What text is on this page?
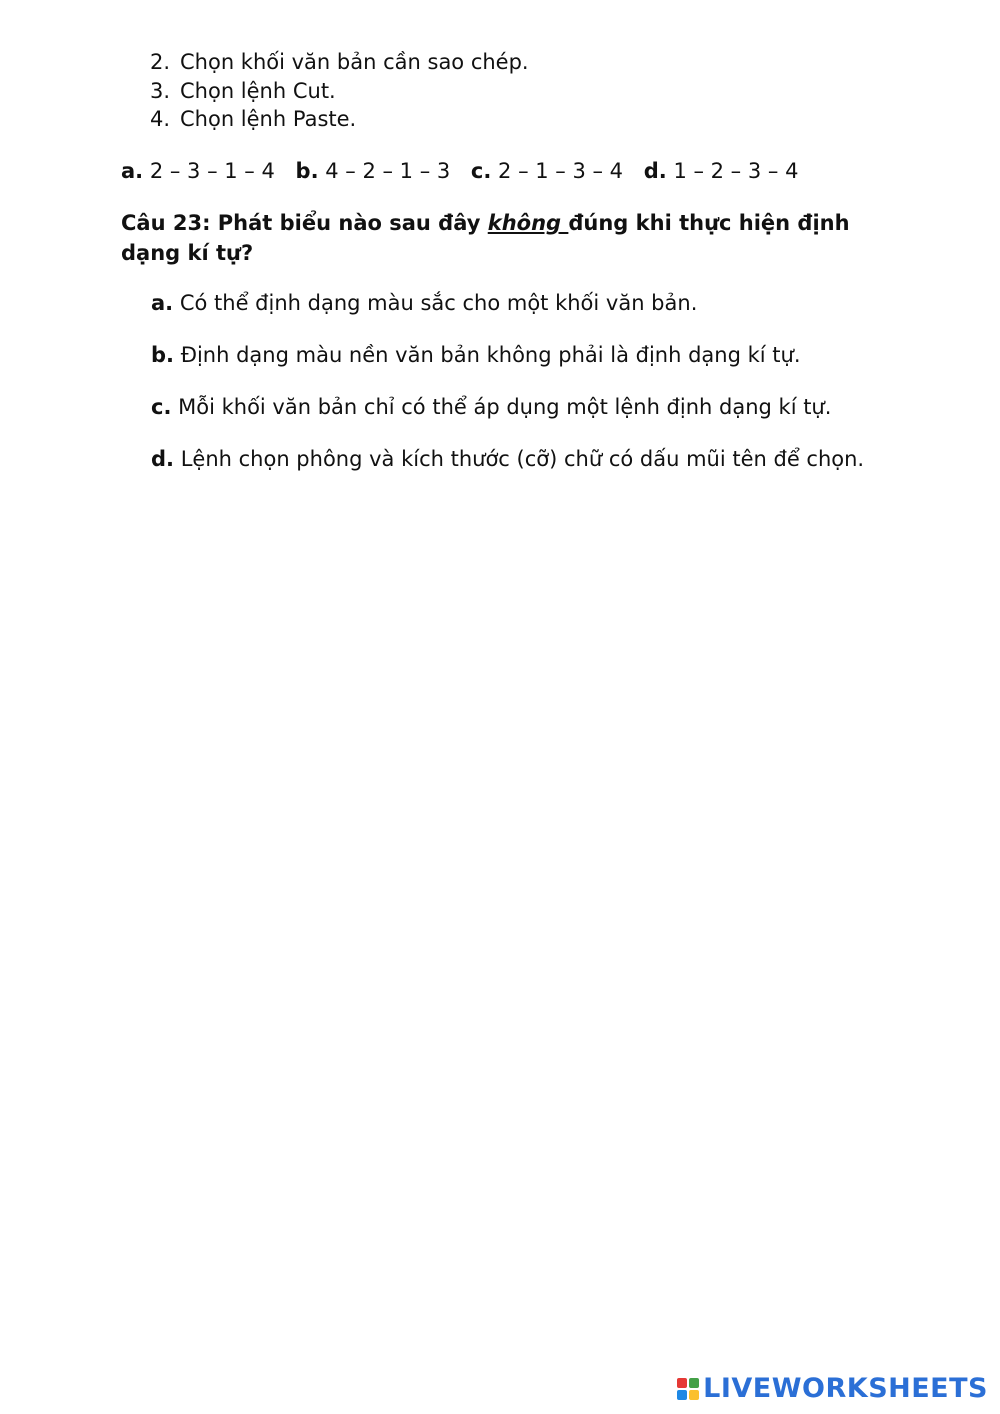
2. Chọn khối văn bản cần sao chép.
3. Chọn lệnh Cut.
4. Chọn lệnh Paste.
a. 2 – 3 – 1 – 4 b. 4 – 2 – 1 – 3 c. 2 – 1 – 3 – 4 d. 1 – 2 – 3 – 4
Câu 23: Phát biểu nào sau đây không đúng khi thực hiện định dạng kí tự?
a. Có thể định dạng màu sắc cho một khối văn bản.
b. Định dạng màu nền văn bản không phải là định dạng kí tự.
c. Mỗi khối văn bản chỉ có thể áp dụng một lệnh định dạng kí tự.
d. Lệnh chọn phông và kích thước (cỡ) chữ có dấu mũi tên để chọn.
LIVEWORKSHEETS
